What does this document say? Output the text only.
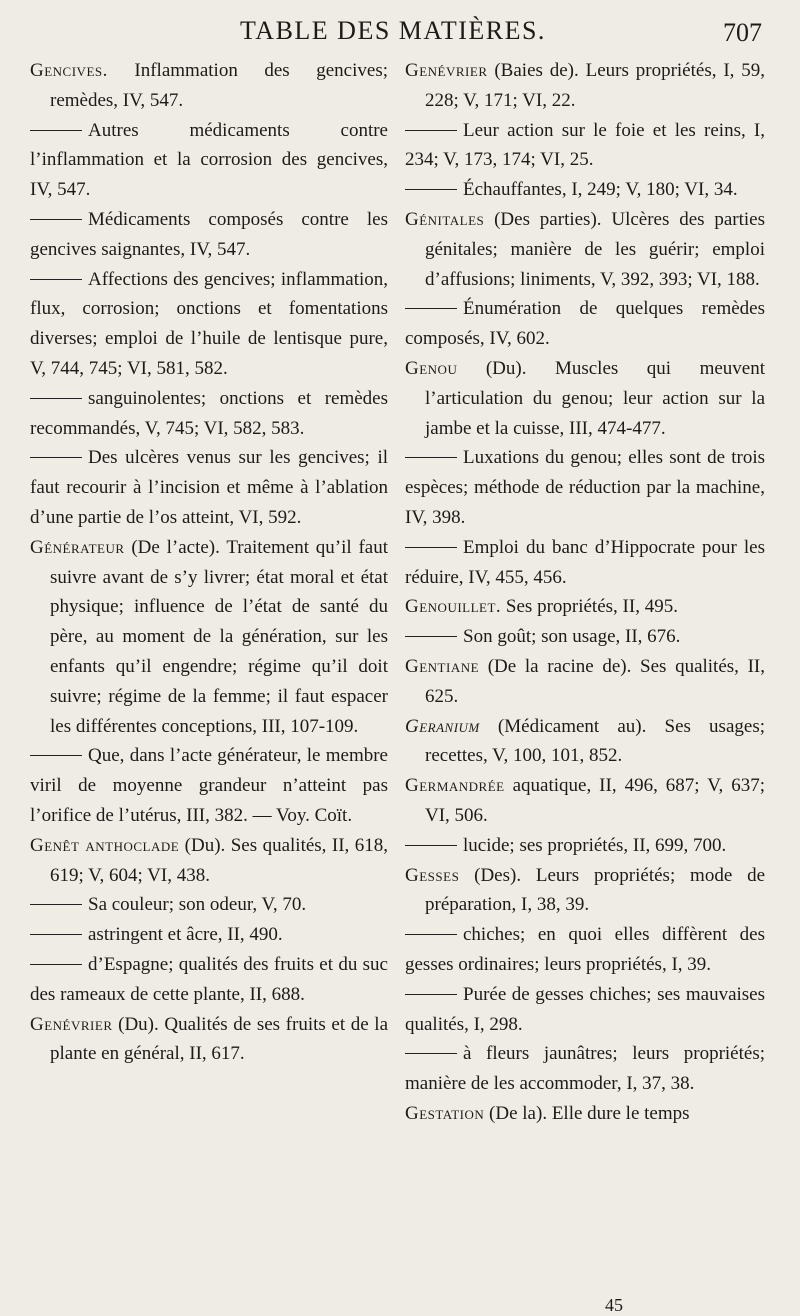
TABLE DES MATIÈRES.	707

Gencives. Inflammation des gencives; remèdes, IV, 547.

Autres médicaments contre l’inflammation et la corrosion des gencives, IV, 547.

Médicaments composés contre les gencives saignantes, IV, 547.

Affections des gencives; inflammation, flux, corrosion; onctions et fomentations diverses; emploi de l’huile de lentisque pure, V, 744, 745; VI, 581, 582.

sanguinolentes; onctions et remèdes recommandés, V, 745; VI, 582, 583.

Des ulcères venus sur les gencives; il faut recourir à l’incision et même à l’ablation d’une partie de l’os atteint, VI, 592.

Générateur (De l’acte). Traitement qu’il faut suivre avant de s’y livrer; état moral et état physique; influence de l’état de santé du père, au moment de la génération, sur les enfants qu’il engendre; régime qu’il doit suivre; régime de la femme; il faut espacer les différentes conceptions, III, 107-109.

Que, dans l’acte générateur, le membre viril de moyenne grandeur n’atteint pas l’orifice de l’utérus, III, 382. — Voy. Coït.

Genêt anthoclade (Du). Ses qualités, II, 618, 619; V, 604; VI, 438.

Sa couleur; son odeur, V, 70.

astringent et âcre, II, 490.

d’Espagne; qualités des fruits et du suc des rameaux de cette plante, II, 688.

Genévrier (Du). Qualités de ses fruits et de la plante en général, II, 617.

Genévrier (Baies de). Leurs propriétés, I, 59, 228; V, 171; VI, 22.

Leur action sur le foie et les reins, I, 234; V, 173, 174; VI, 25.

Échauffantes, I, 249; V, 180; VI, 34.

Génitales (Des parties). Ulcères des parties génitales; manière de les guérir; emploi d’affusions; liniments, V, 392, 393; VI, 188.

Énumération de quelques remèdes composés, IV, 602.

Genou (Du). Muscles qui meuvent l’articulation du genou; leur action sur la jambe et la cuisse, III, 474-477.

Luxations du genou; elles sont de trois espèces; méthode de réduction par la machine, IV, 398.

Emploi du banc d’Hippocrate pour les réduire, IV, 455, 456.

Genouillet. Ses propriétés, II, 495.

Son goût; son usage, II, 676.

Gentiane (De la racine de). Ses qualités, II, 625.

Geranium (Médicament au). Ses usages; recettes, V, 100, 101, 852.

Germandrée aquatique, II, 496, 687; V, 637; VI, 506.

lucide; ses propriétés, II, 699, 700.

Gesses (Des). Leurs propriétés; mode de préparation, I, 38, 39.

chiches; en quoi elles diffèrent des gesses ordinaires; leurs propriétés, I, 39.

Purée de gesses chiches; ses mauvaises qualités, I, 298.

à fleurs jaunâtres; leurs propriétés; manière de les accommoder, I, 37, 38.

Gestation (De la). Elle dure le temps

45
